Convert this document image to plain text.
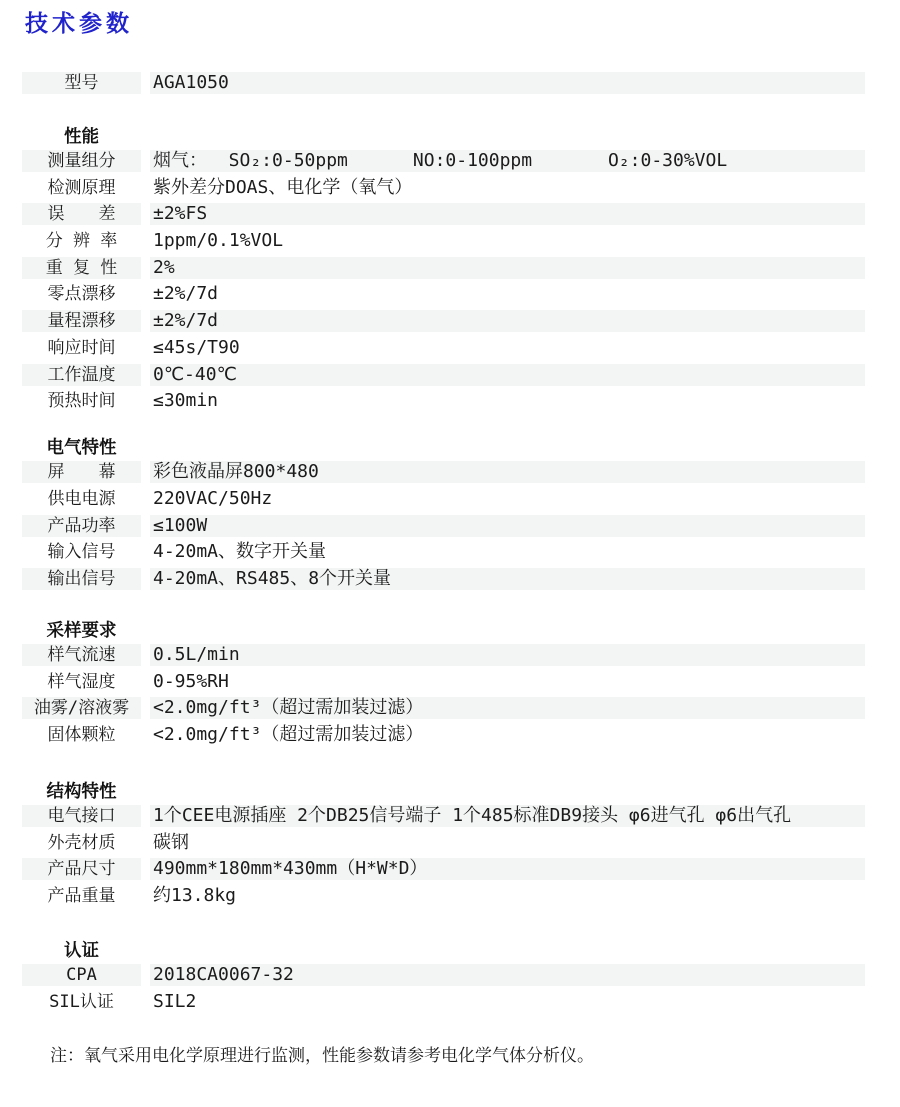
技术参数
型号	AGA1050
性能
测量组分	烟气：  SO₂:0-50ppm      NO:0-100ppm       O₂:0-30%VOL
检测原理	紫外差分DOAS、电化学（氧气）
误　　差	±2%FS
分 辨 率	1ppm/0.1%VOL
重 复 性	2%
零点漂移	±2%/7d
量程漂移	±2%/7d
响应时间	≤45s/T90
工作温度	0℃-40℃
预热时间	≤30min
电气特性
屏　　幕	彩色液晶屏800*480
供电电源	220VAC/50Hz
产品功率	≤100W
输入信号	4-20mA、数字开关量
输出信号	4-20mA、RS485、8个开关量
采样要求
样气流速	0.5L/min
样气湿度	0-95%RH
油雾/溶液雾	<2.0mg/ft³（超过需加装过滤）
固体颗粒	<2.0mg/ft³（超过需加装过滤）
结构特性
电气接口	1个CEE电源插座 2个DB25信号端子 1个485标准DB9接头 φ6进气孔 φ6出气孔
外壳材质	碳钢
产品尺寸	490mm*180mm*430mm（H*W*D）
产品重量	约13.8kg
认证
CPA	2018CA0067-32
SIL认证	SIL2

注：氧气采用电化学原理进行监测，性能参数请参考电化学气体分析仪。
